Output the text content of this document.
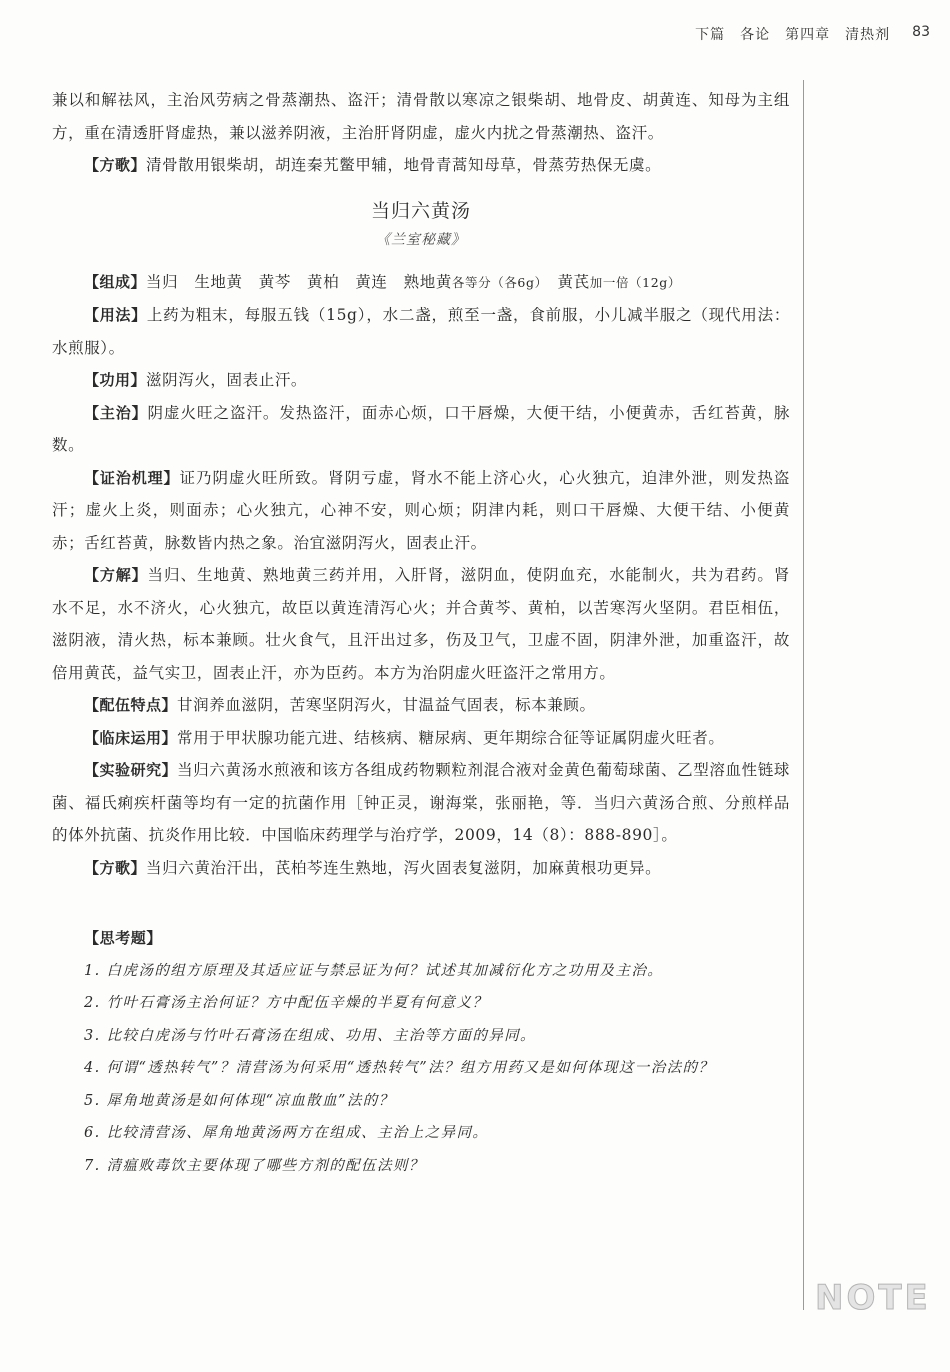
下篇　各论　第四章　清热剂 83

兼以和解祛风，主治风劳病之骨蒸潮热、盗汗；清骨散以寒凉之银柴胡、地骨皮、胡黄连、知母为主组方，重在清透肝肾虚热，兼以滋养阴液，主治肝肾阴虚，虚火内扰之骨蒸潮热、盗汗。

【方歌】清骨散用银柴胡，胡连秦艽鳖甲辅，地骨青蒿知母草，骨蒸劳热保无虞。

当归六黄汤
《兰室秘藏》

【组成】当归　生地黄　黄芩　黄柏　黄连　熟地黄各等分（各6g）　黄芪加一倍（12g）

【用法】上药为粗末，每服五钱（15g），水二盏，煎至一盏，食前服，小儿减半服之（现代用法：水煎服）。

【功用】滋阴泻火，固表止汗。

【主治】阴虚火旺之盗汗。发热盗汗，面赤心烦，口干唇燥，大便干结，小便黄赤，舌红苔黄，脉数。

【证治机理】证乃阴虚火旺所致。肾阴亏虚，肾水不能上济心火，心火独亢，迫津外泄，则发热盗汗；虚火上炎，则面赤；心火独亢，心神不安，则心烦；阴津内耗，则口干唇燥、大便干结、小便黄赤；舌红苔黄，脉数皆内热之象。治宜滋阴泻火，固表止汗。

【方解】当归、生地黄、熟地黄三药并用，入肝肾，滋阴血，使阴血充，水能制火，共为君药。肾水不足，水不济火，心火独亢，故臣以黄连清泻心火；并合黄芩、黄柏，以苦寒泻火坚阴。君臣相伍，滋阴液，清火热，标本兼顾。壮火食气，且汗出过多，伤及卫气，卫虚不固，阴津外泄，加重盗汗，故倍用黄芪，益气实卫，固表止汗，亦为臣药。本方为治阴虚火旺盗汗之常用方。

【配伍特点】甘润养血滋阴，苦寒坚阴泻火，甘温益气固表，标本兼顾。

【临床运用】常用于甲状腺功能亢进、结核病、糖尿病、更年期综合征等证属阴虚火旺者。

【实验研究】当归六黄汤水煎液和该方各组成药物颗粒剂混合液对金黄色葡萄球菌、乙型溶血性链球菌、福氏痢疾杆菌等均有一定的抗菌作用［钟正灵，谢海棠，张丽艳，等．当归六黄汤合煎、分煎样品的体外抗菌、抗炎作用比较．中国临床药理学与治疗学，2009，14（8）：888-890］。

【方歌】当归六黄治汗出，芪柏芩连生熟地，泻火固表复滋阴，加麻黄根功更异。

【思考题】

1. 白虎汤的组方原理及其适应证与禁忌证为何？试述其加减衍化方之功用及主治。

2. 竹叶石膏汤主治何证？方中配伍辛燥的半夏有何意义？

3. 比较白虎汤与竹叶石膏汤在组成、功用、主治等方面的异同。

4. 何谓“透热转气”？清营汤为何采用“透热转气”法？组方用药又是如何体现这一治法的？

5. 犀角地黄汤是如何体现“凉血散血”法的？

6. 比较清营汤、犀角地黄汤两方在组成、主治上之异同。

7. 清瘟败毒饮主要体现了哪些方剂的配伍法则？

NOTE
